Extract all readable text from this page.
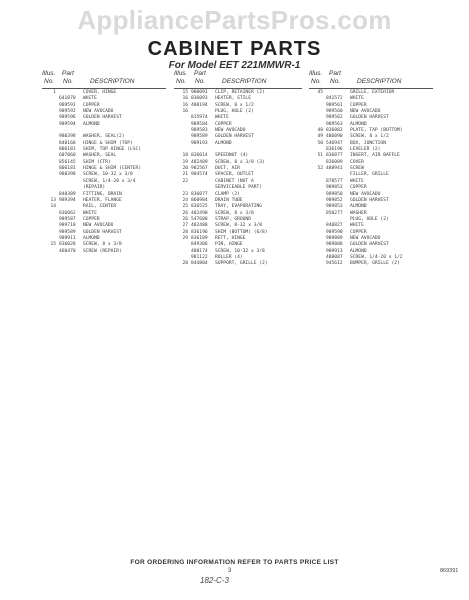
AppliancePartsPros.com
CABINET PARTS
For Model EET 221MMWR-1
Illus. Part
No. No.	DESCRIPTION
1	COVER, HINGE
641070 WHITE
989591 COPPER
989592 NEW AVOCADO
989596 GOLDEN HARVEST
989594 ALMOND
980398 WASHER, SEAL(2)
840168 HINGE & SHIM (TOP)
806181 SHIM, TOP HINGE (LSC)
607060 WASHER, SEAL
856145 SHIM (CTR)
806181 HINGE & SHIM (CENTER)
980398 SCREW, 10-32 x 3/8
SCREW, 1/4-20 x 3/4
(REPAIR)
840389 FITTING, DRAIN
13 989394 HEATER, FLANGE
14	RAIL, CENTER
836062 WHITE
989587 COPPER
989710 NEW AVOCADO
989589 GOLDEN HARVEST
989911 ALMOND
15 836028 SCREW, 8 x 3/8
460470 SCREW (REPAIR)
Illus. Part
No. No.	DESCRIPTION
15 980091 CLIP, RETAINER (2)
16 836093 HEATER, STILE
16 488194 SCREW, 8 x 1/2
16	PLUG, HOLE (2)
815974 WHITE
989584 COPPER
989583 NEW AVOCADO
989589 GOLDEN HARVEST
989193 ALMOND
18 836014 SPEEDNUT (4)
19 482489 SCREW, 8 x 3/8 (3)
20 982567 DUCT, AIR
21 984574 SPACER, OUTLET
22	CABINET (NOT A
SERVICEABLE PART)
23 836077 CLAMP (2)
24 860984 DRAIN TUBE
25 836525 TRAY, EVAPORATING
26 482490 SCREW, 8 x 3/8
26 547688 STRAP, GROUND
27 482488 SCREW, 8-32 x 3/8
28 836196 SHIM (BOTTOM) (6/8)
29 836189 RETT, HINGE
849386 PIN, HINGE
488174 SCREW, 10-32 x 3/8
981122 ROLLER (4)
28 844804 SUPPORT, GRILLE (2)
Illus. Part
No. No.	DESCRIPTION
45	GRILLE, EXTERIOR
841572 WHITE
989561 COPPER
989560 NEW AVOCADO
989562 GOLDEN HARVEST
989563 ALMOND
48 836082 PLATE, TAP (BOTTOM)
49 486090 SCREW, 8 x 1/2
50 546947 BOX, JUNCTION
836196 LEVELER (2)
51 836077 INSERT, AIR BAFFLE
836089 COVER
52 488941 SCREW
FILLER, GRILLE
878577 WHITE
989853 COPPER
989850 NEW AVOCADO
989852 GOLDEN HARVEST
989853 ALMOND
850277 WASHER
PLUG, HOLE (2)
840827 WHITE
989590 COPPER
989889 NEW AVOCADO
989888 GOLDEN HARVEST
989913 ALMOND
488087 SCREW, 1/4-20 x 1/2
945612 BUMPER, GRILLE (2)
FOR ORDERING INFORMATION REFER TO PARTS PRICE LIST
3	869391
182-C-3
